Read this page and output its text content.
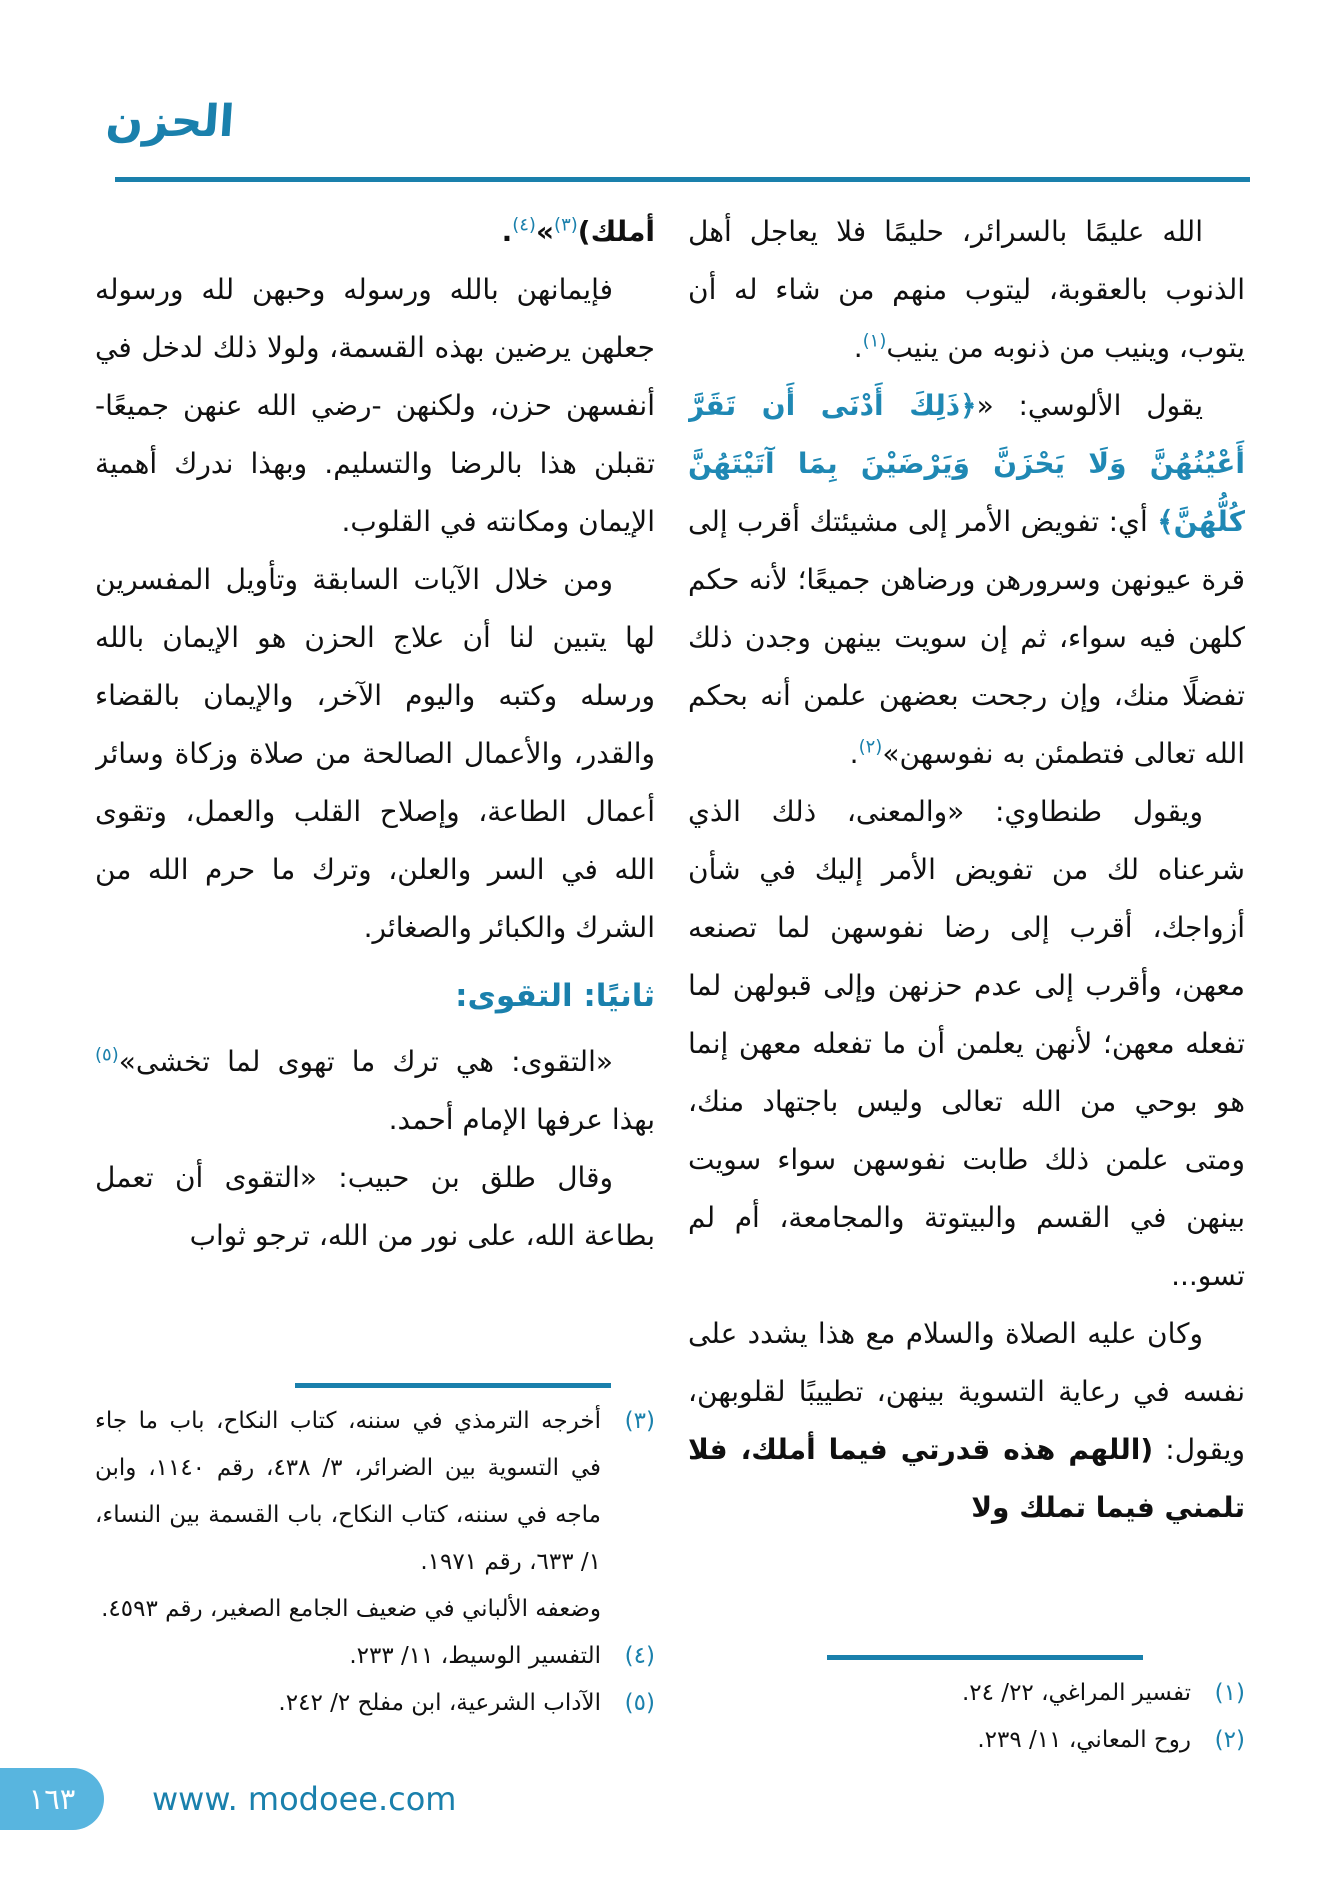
الحزن

الله عليمًا بالسرائر، حليمًا فلا يعاجل أهل الذنوب بالعقوبة، ليتوب منهم من شاء له أن يتوب، وينيب من ذنوبه من ينيب$^{(١)}$.

يقول الألوسي: «﴿ذَلِكَ أَدْنَى أَن تَقَرَّ أَعْيُنُهُنَّ وَلَا يَحْزَنَّ وَيَرْضَيْنَ بِمَا آتَيْتَهُنَّ كُلُّهُنَّ﴾ أي: تفويض الأمر إلى مشيئتك أقرب إلى قرة عيونهن وسرورهن ورضاهن جميعًا؛ لأنه حكم كلهن فيه سواء، ثم إن سويت بينهن وجدن ذلك تفضلًا منك، وإن رجحت بعضهن علمن أنه بحكم الله تعالى فتطمئن به نفوسهن»$^{(٢)}$.

ويقول طنطاوي: «والمعنى، ذلك الذي شرعناه لك من تفويض الأمر إليك في شأن أزواجك، أقرب إلى رضا نفوسهن لما تصنعه معهن، وأقرب إلى عدم حزنهن وإلى قبولهن لما تفعله معهن؛ لأنهن يعلمن أن ما تفعله معهن إنما هو بوحي من الله تعالى وليس باجتهاد منك، ومتى علمن ذلك طابت نفوسهن سواء سويت بينهن في القسم والبيتوتة والمجامعة، أم لم تسو...

وكان عليه الصلاة والسلام مع هذا يشدد على نفسه في رعاية التسوية بينهن، تطييبًا لقلوبهن، ويقول: (اللهم هذه قدرتي فيما أملك، فلا تلمني فيما تملك ولا

(١)
تفسير المراغي، ٢٢/ ٢٤.
(٢)
روح المعاني، ١١/ ٢٣٩.

أملك)$^{(٣)}$»$^{(٤)}$.

فإيمانهن بالله ورسوله وحبهن لله ورسوله جعلهن يرضين بهذه القسمة، ولولا ذلك لدخل في أنفسهن حزن، ولكنهن -رضي الله عنهن جميعًا- تقبلن هذا بالرضا والتسليم. وبهذا ندرك أهمية الإيمان ومكانته في القلوب.

ومن خلال الآيات السابقة وتأويل المفسرين لها يتبين لنا أن علاج الحزن هو الإيمان بالله ورسله وكتبه واليوم الآخر، والإيمان بالقضاء والقدر، والأعمال الصالحة من صلاة وزكاة وسائر أعمال الطاعة، وإصلاح القلب والعمل، وتقوى الله في السر والعلن، وترك ما حرم الله من الشرك والكبائر والصغائر.

ثانيًا: التقوى:

«التقوى: هي ترك ما تهوى لما تخشى»$^{(٥)}$ بهذا عرفها الإمام أحمد.

وقال طلق بن حبيب: «التقوى أن تعمل بطاعة الله، على نور من الله، ترجو ثواب

(٣)
أخرجه الترمذي في سننه، كتاب النكاح، باب ما جاء في التسوية بين الضرائر، ٣/ ٤٣٨، رقم ١١٤٠، وابن ماجه في سننه، كتاب النكاح، باب القسمة بين النساء، ١/ ٦٣٣، رقم ١٩٧١.
وضعفه الألباني في ضعيف الجامع الصغير، رقم ٤٥٩٣.
(٤)
التفسير الوسيط، ١١/ ٢٣٣.
(٥)
الآداب الشرعية، ابن مفلح ٢/ ٢٤٢.
١٦٣	www. modoee.com
